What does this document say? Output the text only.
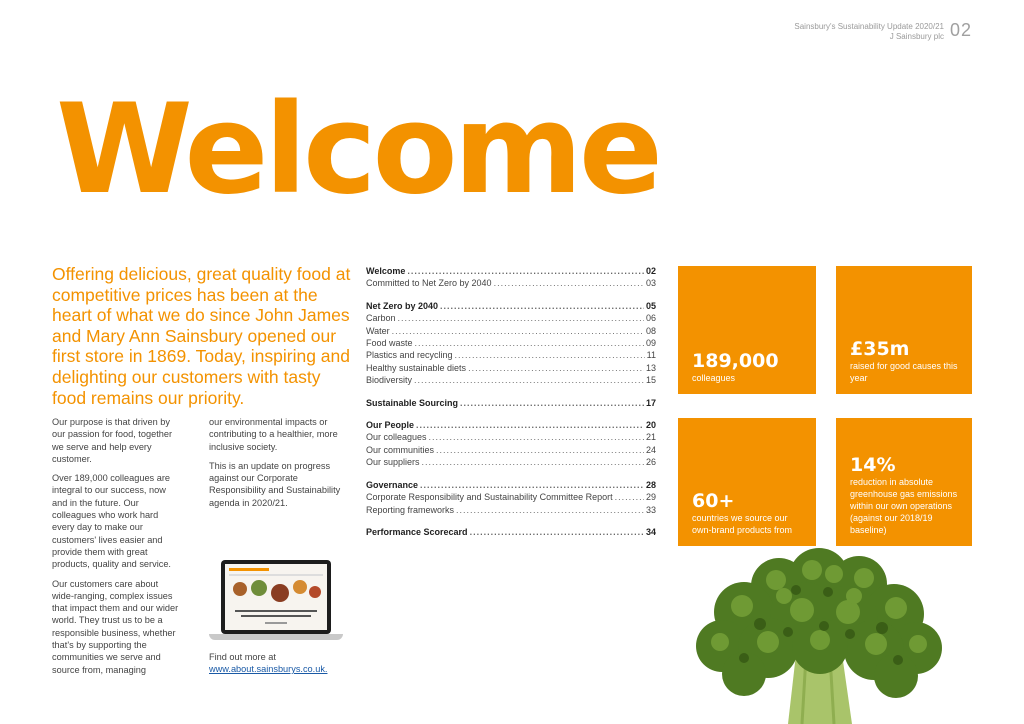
Sainsbury's Sustainability Update 2020/21
J Sainsbury plc 02
Welcome
Offering delicious, great quality food at competitive prices has been at the heart of what we do since John James and Mary Ann Sainsbury opened our first store in 1869. Today, inspiring and delighting our customers with tasty food remains our priority.

Our purpose is that driven by our passion for food, together we serve and help every customer.

Over 189,000 colleagues are integral to our success, now and in the future. Our colleagues who work hard every day to make our customers' lives easier and provide them with great products, quality and service.

Our customers care about wide-ranging, complex issues that impact them and our wider world. They trust us to be a responsible business, whether that's by supporting the communities we serve and source from, managing

our environmental impacts or contributing to a healthier, more inclusive society.

This is an update on progress against our Corporate Responsibility and Sustainability agenda in 2020/21.

Find out more at
www.about.sainsburys.co.uk.
Welcome .....	02
Committed to Net Zero by 2040 .....	03
Net Zero by 2040 .....	05
Carbon .....	06
Water .....	08
Food waste .....	09
Plastics and recycling .....	11
Healthy sustainable diets .....	13
Biodiversity .....	15
Sustainable Sourcing .....	17
Our People .....	20
Our colleagues .....	21
Our communities .....	24
Our suppliers .....	26
Governance .....	28
Corporate Responsibility and Sustainability Committee Report .....	29
Reporting frameworks .....	33
Performance Scorecard .....	34
189,000
colleagues
£35m
raised for good causes this year
60+
countries we source our own-brand products from
14%
reduction in absolute greenhouse gas emissions within our own operations (against our 2018/19 baseline)
